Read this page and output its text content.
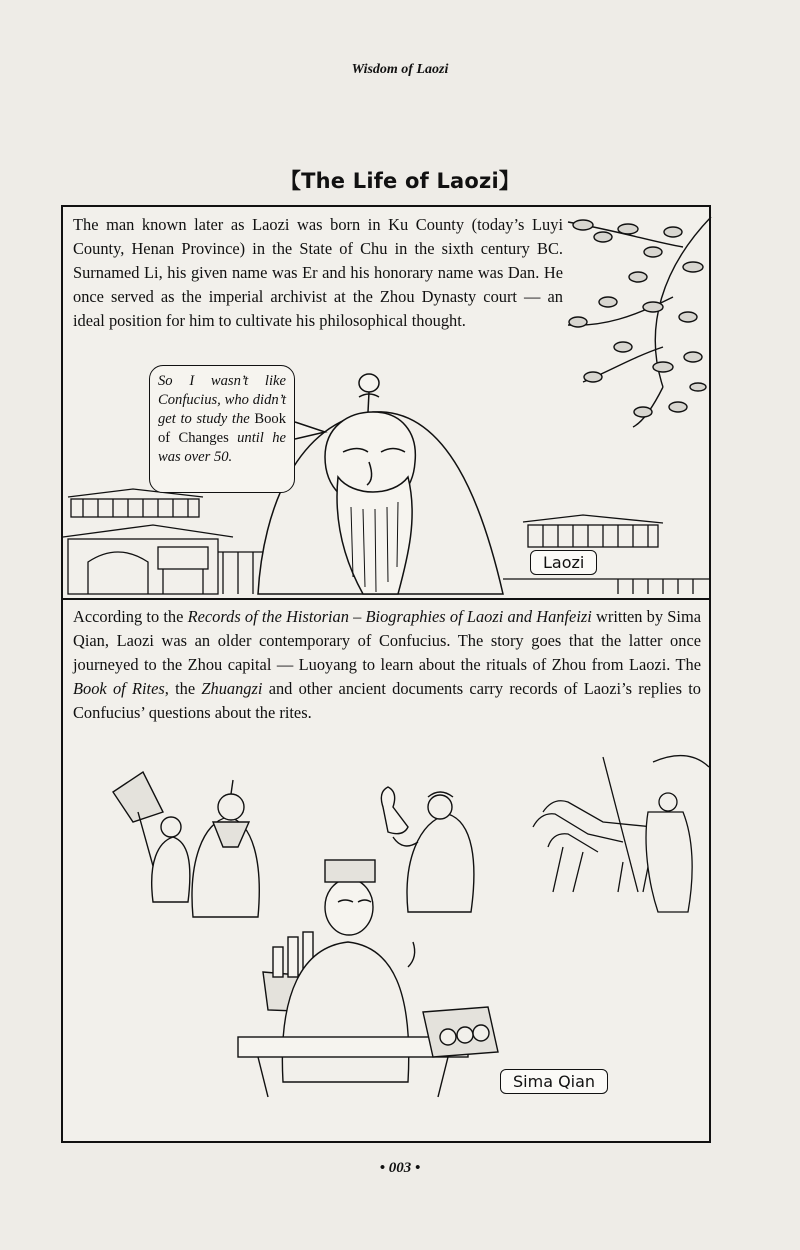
Wisdom of Laozi
【The Life of Laozi】
The man known later as Laozi was born in Ku County (today’s Luyi County, Henan Province) in the State of Chu in the sixth century BC. Surnamed Li, his given name was Er and his honorary name was Dan. He once served as the imperial archivist at the Zhou Dynasty court — an ideal position for him to cultivate his philosophical thought.
So I wasn’t like Confucius, who didn’t get to study the Book of Changes until he was over 50.
Laozi
According to the Records of the Historian – Biographies of Laozi and Hanfeizi written by Sima Qian, Laozi was an older contemporary of Confucius. The story goes that the latter once journeyed to the Zhou capital — Luoyang to learn about the rituals of Zhou from Laozi. The Book of Rites, the Zhuangzi and other ancient documents carry records of Laozi’s replies to Confucius’ questions about the rites.
Sima Qian
• 003 •
